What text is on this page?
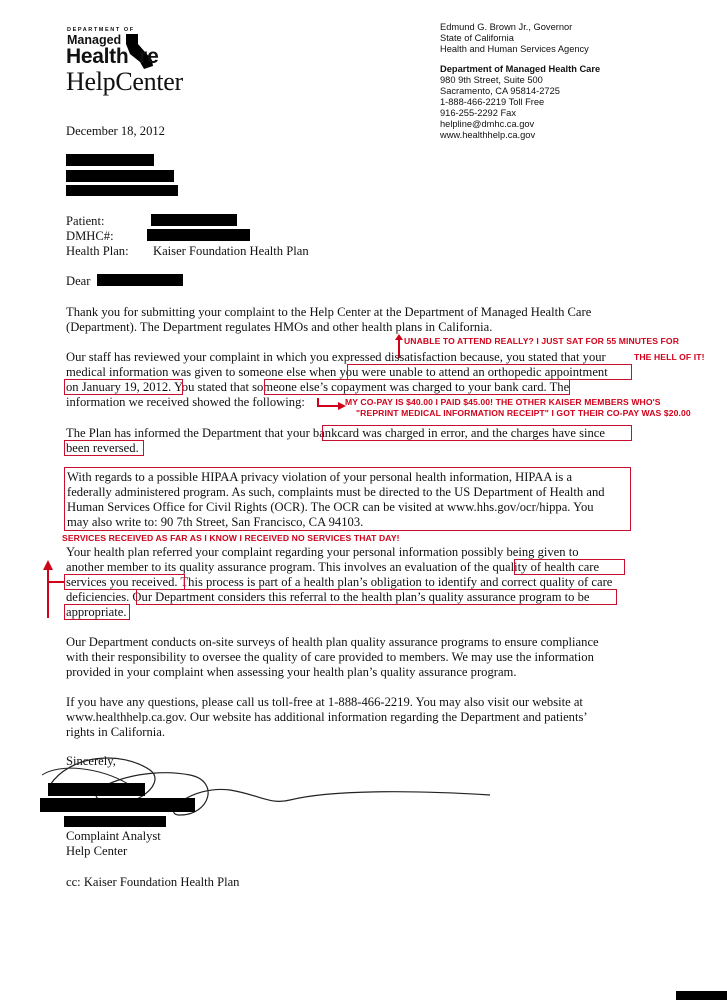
DEPARTMENT OF
Managed
Health re
HelpCenter
Edmund G. Brown Jr., Governor
State of California
Health and Human Services Agency
Department of Managed Health Care
980 9th Street, Suite 500
Sacramento, CA 95814-2725
1-888-466-2219 Toll Free
916-255-2292 Fax
helpline@dmhc.ca.gov
www.healthhelp.ca.gov
December 18, 2012
Patient:
DMHC#:
Health Plan: Kaiser Foundation Health Plan
Dear
Thank you for submitting your complaint to the Help Center at the Department of Managed Health Care
(Department). The Department regulates HMOs and other health plans in California.
UNABLE TO ATTEND REALLY? I JUST SAT FOR 55 MINUTES FOR
Our staff has reviewed your complaint in which you expressed dissatisfaction because, you stated that your	THE HELL OF IT!
medical information was given to someone else when you were unable to attend an orthopedic appointment
on January 19, 2012. You stated that someone else’s copayment was charged to your bank card. The
information we received showed the following:	MY CO-PAY IS $40.00 I PAID $45.00! THE OTHER KAISER MEMBERS WHO'S
"REPRINT MEDICAL INFORMATION RECEIPT" I GOT THEIR CO-PAY WAS $20.00
The Plan has informed the Department that your bankcard was charged in error, and the charges have since
been reversed.
With regards to a possible HIPAA privacy violation of your personal health information, HIPAA is a
federally administered program. As such, complaints must be directed to the US Department of Health and
Human Services Office for Civil Rights (OCR). The OCR can be visited at www.hhs.gov/ocr/hippa. You
may also write to: 90 7th Street, San Francisco, CA 94103.
SERVICES RECEIVED AS FAR AS I KNOW I RECEIVED NO SERVICES THAT DAY!
Your health plan referred your complaint regarding your personal information possibly being given to
another member to its quality assurance program. This involves an evaluation of the quality of health care
services you received. This process is part of a health plan’s obligation to identify and correct quality of care
deficiencies. Our Department considers this referral to the health plan’s quality assurance program to be
appropriate.
Our Department conducts on-site surveys of health plan quality assurance programs to ensure compliance
with their responsibility to oversee the quality of care provided to members. We may use the information
provided in your complaint when assessing your health plan’s quality assurance program.
If you have any questions, please call us toll-free at 1-888-466-2219. You may also visit our website at
www.healthhelp.ca.gov. Our website has additional information regarding the Department and patients’
rights in California.
Sincerely,
Complaint Analyst
Help Center
cc: Kaiser Foundation Health Plan
